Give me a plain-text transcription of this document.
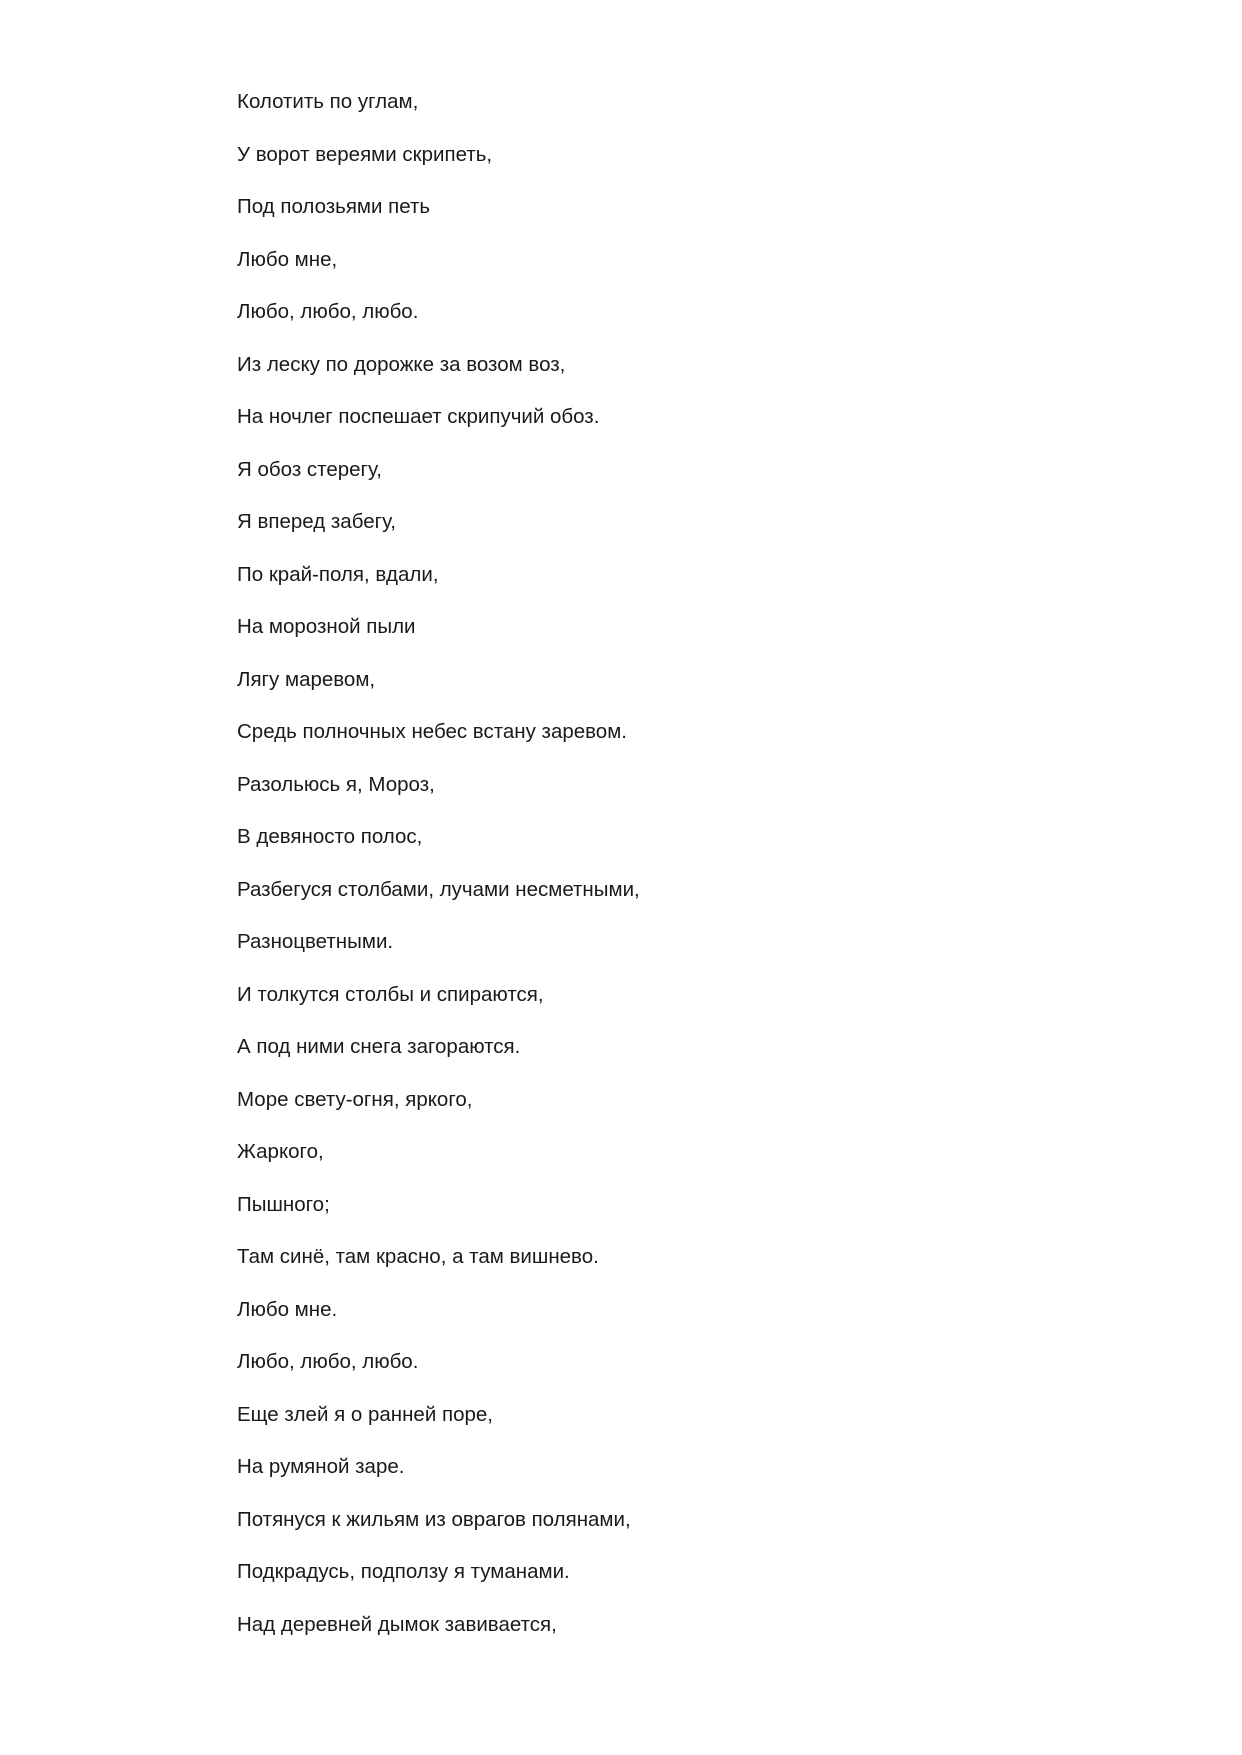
Колотить по углам,
У ворот вереями скрипеть,
Под полозьями петь
Любо мне,
Любо, любо, любо.
Из леску по дорожке за возом воз,
На ночлег поспешает скрипучий обоз.
Я обоз стерегу,
Я вперед забегу,
По край-поля, вдали,
На морозной пыли
Лягу маревом,
Средь полночных небес встану заревом.
Разольюсь я, Мороз,
В девяносто полос,
Разбегуся столбами, лучами несметными,
Разноцветными.
И толкутся столбы и спираются,
А под ними снега загораются.
Море свету-огня, яркого,
Жаркого,
Пышного;
Там синё, там красно, а там вишнево.
Любо мне.
Любо, любо, любо.
Еще злей я о ранней поре,
На румяной заре.
Потянуся к жильям из оврагов полянами,
Подкрадусь, подползу я туманами.
Над деревней дымок завивается,
